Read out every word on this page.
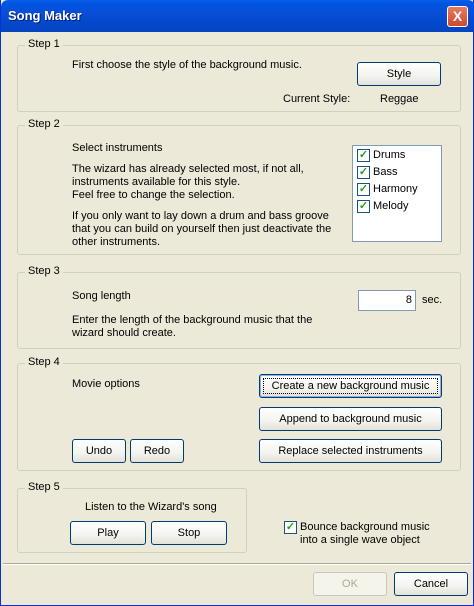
Song Maker	X
Step 1
First choose the style of the background music.
Style
Current Style:	Reggae
Step 2
Select instruments
The wizard has already selected most, if not all,
instruments available for this style.
Feel free to change the selection.
If you only want to lay down a drum and bass groove
that you can build on yourself then just deactivate the
other instruments.
✓ Drums
✓ Bass
✓ Harmony
✓ Melody
Step 3
Song length	8 sec.
Enter the length of the background music that the
wizard should create.
Step 4
Movie options	Create a new background music
Append to background music
Undo	Redo	Replace selected instruments
Step 5
Listen to the Wizard's song
Play	Stop	✓ Bounce background music
into a single wave object
OK	Cancel
